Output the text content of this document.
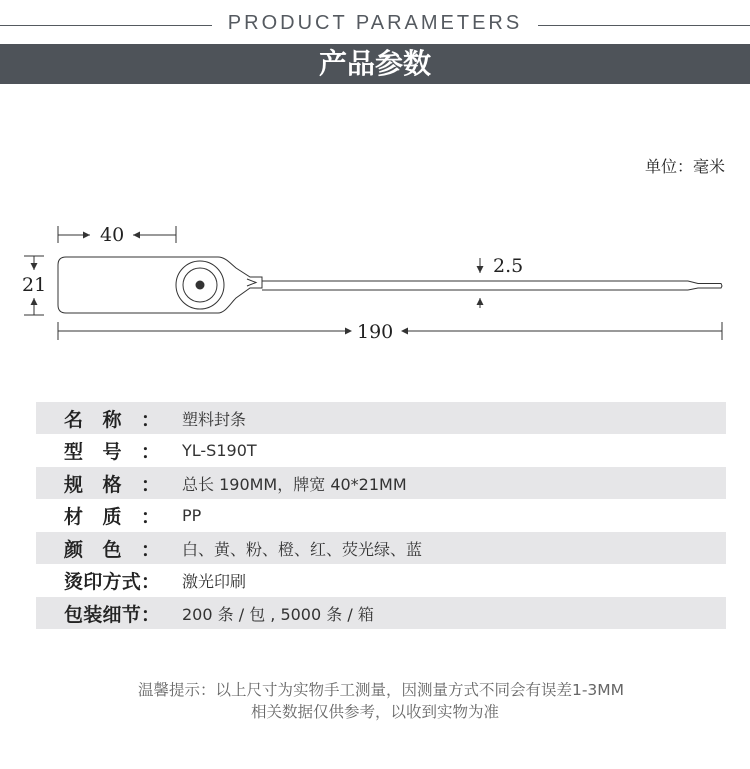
PRODUCT PARAMETERS
产品参数
单位：毫米
40
21
2.5
190
名称：	塑料封条
型号：	YL-S190T
规格：	总长 190MM，牌宽 40*21MM
材质：	PP
颜色：	白、黄、粉、橙、红、荧光绿、蓝
烫印方式：	激光印刷
包装细节：	200 条 / 包 , 5000 条 / 箱
温馨提示：以上尺寸为实物手工测量，因测量方式不同会有误差1-3MM
相关数据仅供参考，以收到实物为准
